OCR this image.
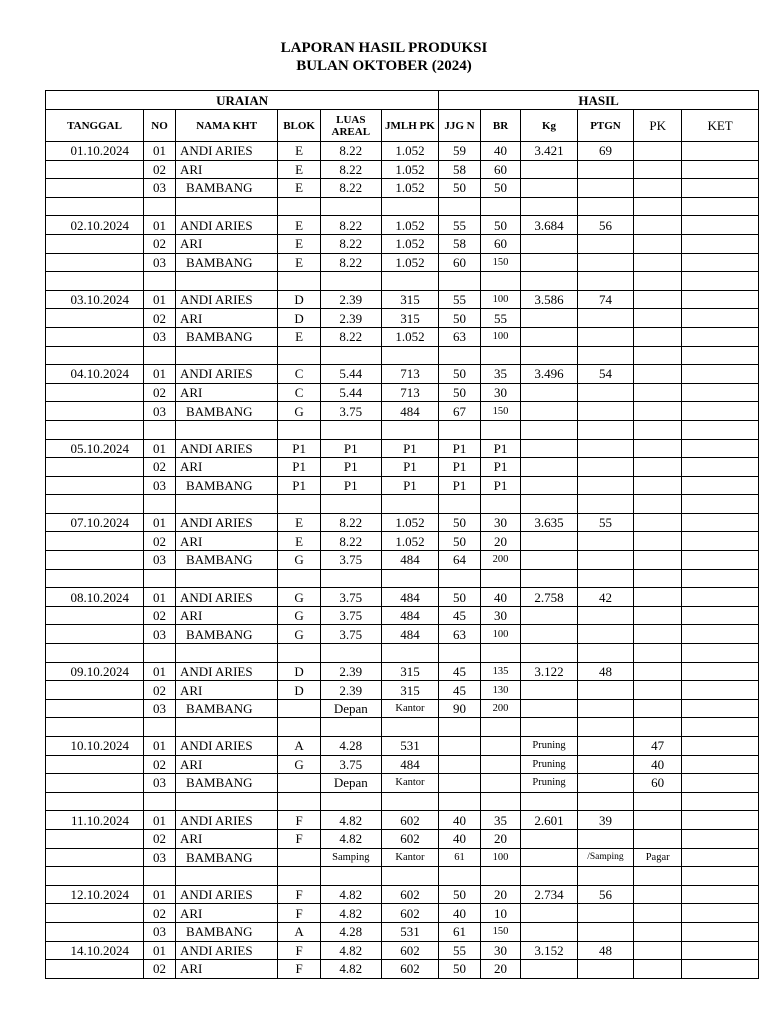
LAPORAN HASIL PRODUKSI
BULAN OKTOBER (2024)
URAIAN						HASIL					
TANGGAL	NO	NAMA KHT	BLOK	LUAS AREAL	JMLH PK	JJG N	BR	Kg	PTGN	PK	KET
01.10.2024	01	ANDI ARIES	E	8.22	1.052	59	40	3.421	69		
	02	ARI	E	8.22	1.052	58	60				
	03	BAMBANG	E	8.22	1.052	50	50				

02.10.2024	01	ANDI ARIES	E	8.22	1.052	55	50	3.684	56		
	02	ARI	E	8.22	1.052	58	60				
	03	BAMBANG	E	8.22	1.052	60	150				

03.10.2024	01	ANDI ARIES	D	2.39	315	55	100	3.586	74		
	02	ARI	D	2.39	315	50	55				
	03	BAMBANG	E	8.22	1.052	63	100				

04.10.2024	01	ANDI ARIES	C	5.44	713	50	35	3.496	54		
	02	ARI	C	5.44	713	50	30				
	03	BAMBANG	G	3.75	484	67	150				

05.10.2024	01	ANDI ARIES	P1	P1	P1	P1	P1				
	02	ARI	P1	P1	P1	P1	P1				
	03	BAMBANG	P1	P1	P1	P1	P1				

07.10.2024	01	ANDI ARIES	E	8.22	1.052	50	30	3.635	55		
	02	ARI	E	8.22	1.052	50	20				
	03	BAMBANG	G	3.75	484	64	200				

08.10.2024	01	ANDI ARIES	G	3.75	484	50	40	2.758	42		
	02	ARI	G	3.75	484	45	30				
	03	BAMBANG	G	3.75	484	63	100				

09.10.2024	01	ANDI ARIES	D	2.39	315	45	135	3.122	48		
	02	ARI	D	2.39	315	45	130				
	03	BAMBANG		Depan	Kantor	90	200				

10.10.2024	01	ANDI ARIES	A	4.28	531			Pruning		47	
	02	ARI	G	3.75	484			Pruning		40	
	03	BAMBANG		Depan	Kantor			Pruning		60	

11.10.2024	01	ANDI ARIES	F	4.82	602	40	35	2.601	39		
	02	ARI	F	4.82	602	40	20				
	03	BAMBANG		Samping	Kantor	61	100		/Samping	Pagar	

12.10.2024	01	ANDI ARIES	F	4.82	602	50	20	2.734	56		
	02	ARI	F	4.82	602	40	10				
	03	BAMBANG	A	4.28	531	61	150				
14.10.2024	01	ANDI ARIES	F	4.82	602	55	30	3.152	48		
	02	ARI	F	4.82	602	50	20				
